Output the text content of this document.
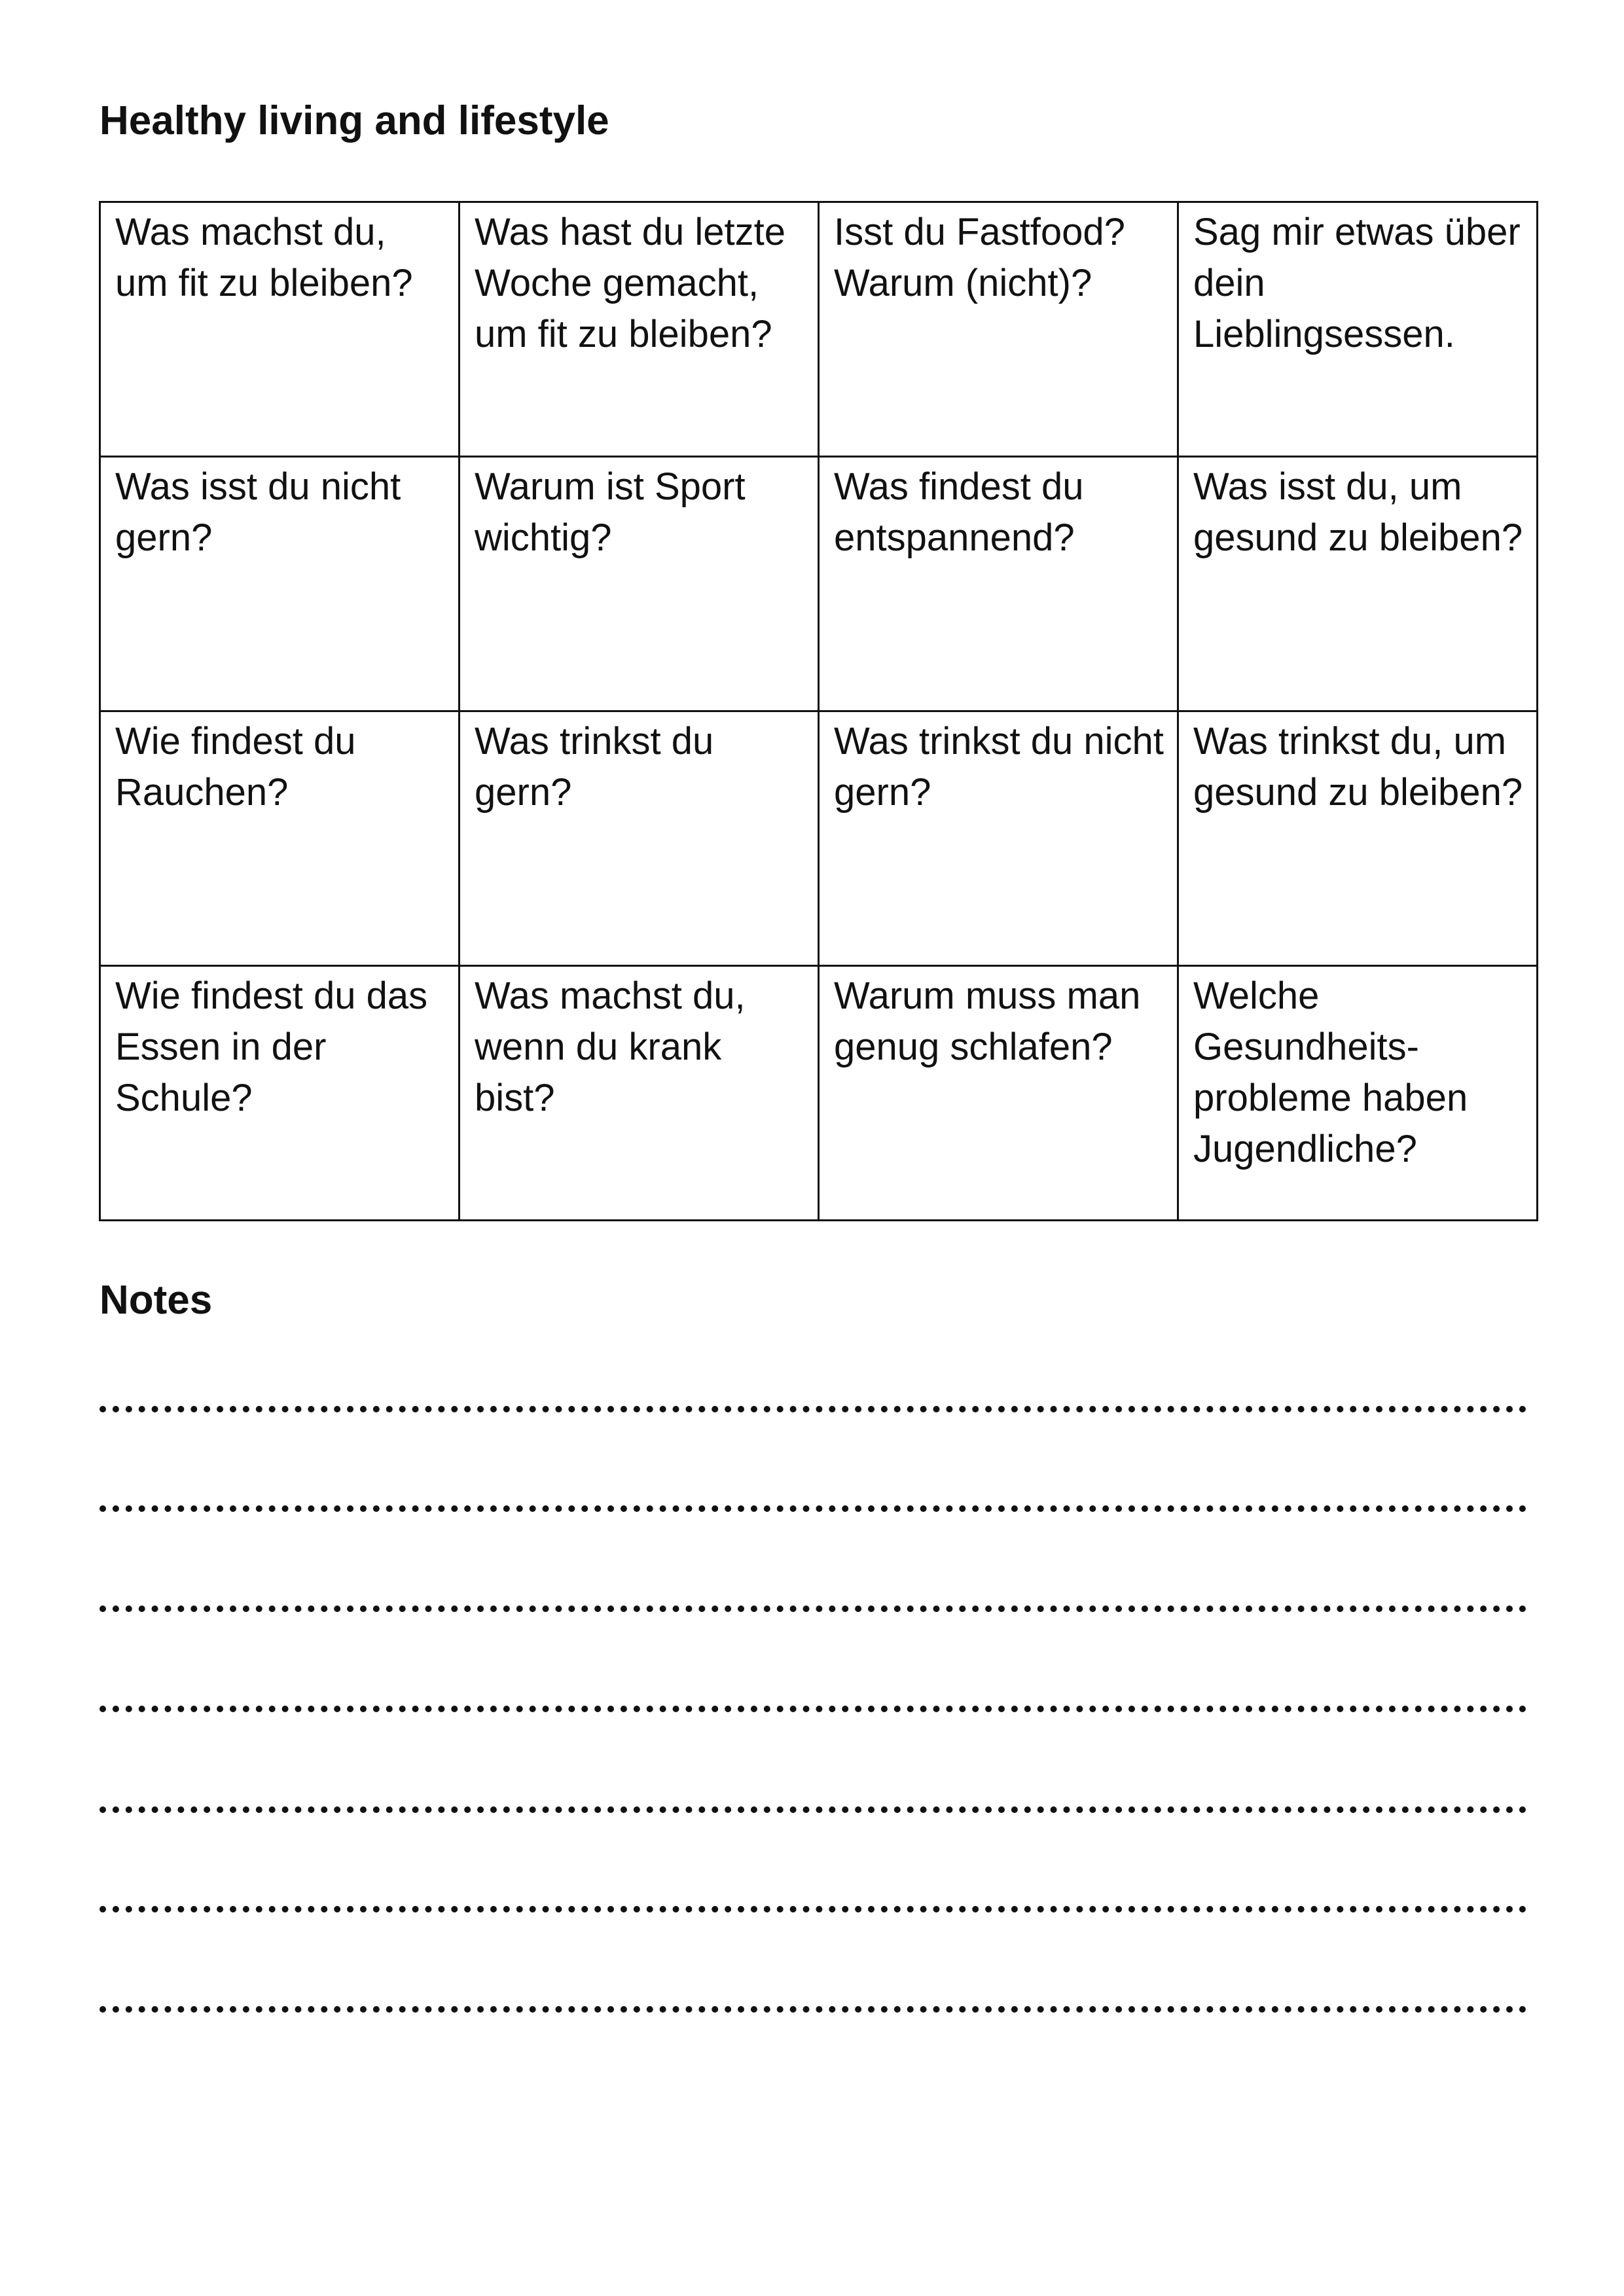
Healthy living and lifestyle
Was machst du, um fit zu bleiben?	Was hast du letzte Woche gemacht, um fit zu bleiben?	Isst du Fastfood? Warum (nicht)?	Sag mir etwas über dein Lieblingsessen.
Was isst du nicht gern?	Warum ist Sport wichtig?	Was findest du entspannend?	Was isst du, um gesund zu bleiben?
Wie findest du Rauchen?	Was trinkst du gern?	Was trinkst du nicht gern?	Was trinkst du, um gesund zu bleiben?
Wie findest du das Essen in der Schule?	Was machst du, wenn du krank bist?	Warum muss man genug schlafen?	Welche Gesundheits-probleme haben Jugendliche?
Notes
